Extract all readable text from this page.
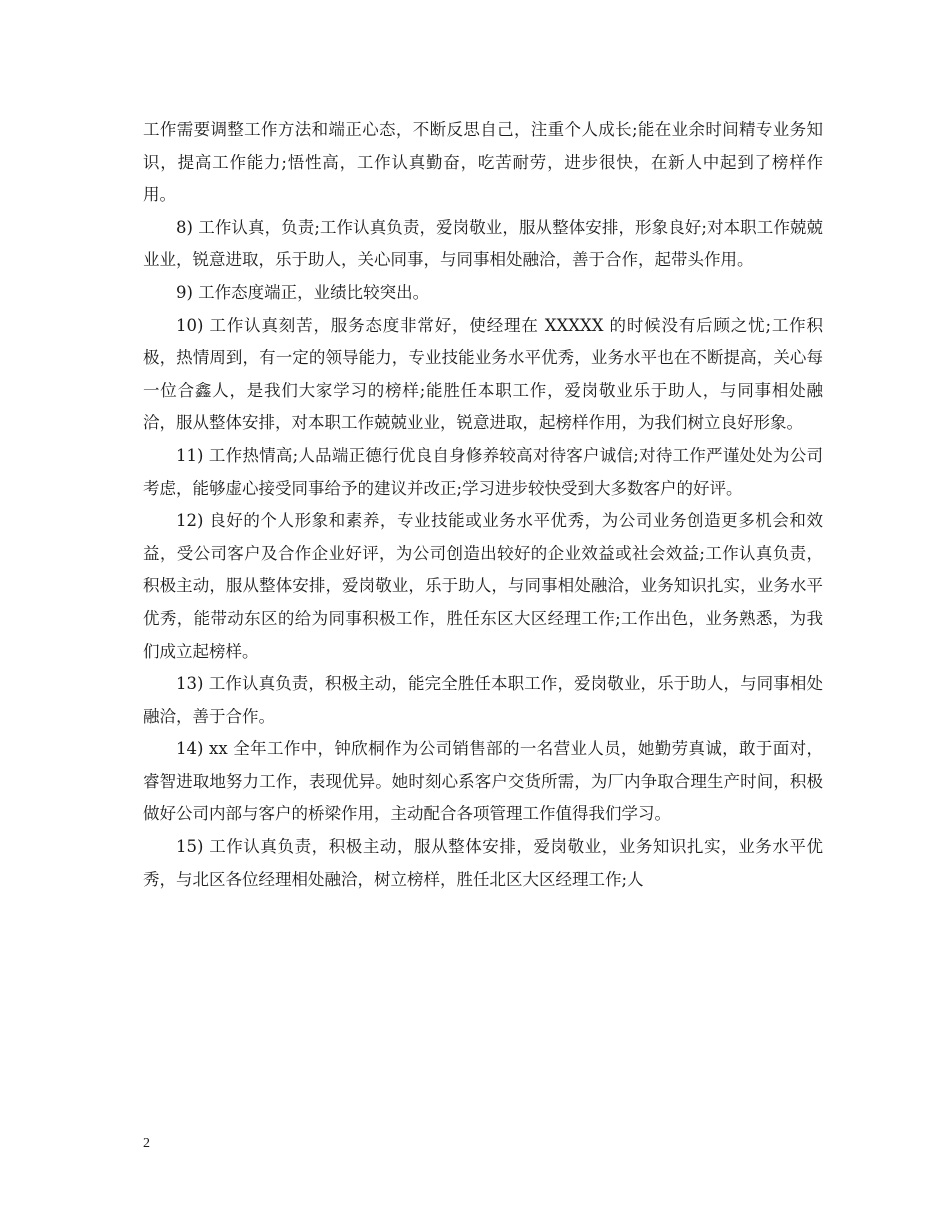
工作需要调整工作方法和端正心态，不断反思自己，注重个人成长;能在业余时间精专业务知识，提高工作能力;悟性高，工作认真勤奋，吃苦耐劳，进步很快，在新人中起到了榜样作用。

8) 工作认真，负责;工作认真负责，爱岗敬业，服从整体安排，形象良好;对本职工作兢兢业业，锐意进取，乐于助人，关心同事，与同事相处融洽，善于合作，起带头作用。

9) 工作态度端正，业绩比较突出。

10) 工作认真刻苦，服务态度非常好，使经理在 XXXXX 的时候没有后顾之忧;工作积极，热情周到，有一定的领导能力，专业技能业务水平优秀，业务水平也在不断提高，关心每一位合鑫人，是我们大家学习的榜样;能胜任本职工作，爱岗敬业乐于助人，与同事相处融洽，服从整体安排，对本职工作兢兢业业，锐意进取，起榜样作用，为我们树立良好形象。

11) 工作热情高;人品端正德行优良自身修养较高对待客户诚信;对待工作严谨处处为公司考虑，能够虚心接受同事给予的建议并改正;学习进步较快受到大多数客户的好评。

12) 良好的个人形象和素养，专业技能或业务水平优秀，为公司业务创造更多机会和效益，受公司客户及合作企业好评，为公司创造出较好的企业效益或社会效益;工作认真负责，积极主动，服从整体安排，爱岗敬业，乐于助人，与同事相处融洽，业务知识扎实，业务水平优秀，能带动东区的给为同事积极工作，胜任东区大区经理工作;工作出色，业务熟悉，为我们成立起榜样。

13) 工作认真负责，积极主动，能完全胜任本职工作，爱岗敬业，乐于助人，与同事相处融洽，善于合作。

14) xx 全年工作中，钟欣桐作为公司销售部的一名营业人员，她勤劳真诚，敢于面对，睿智进取地努力工作，表现优异。她时刻心系客户交货所需，为厂内争取合理生产时间，积极做好公司内部与客户的桥梁作用，主动配合各项管理工作值得我们学习。

15) 工作认真负责，积极主动，服从整体安排，爱岗敬业，业务知识扎实，业务水平优秀，与北区各位经理相处融洽，树立榜样，胜任北区大区经理工作;人

2
